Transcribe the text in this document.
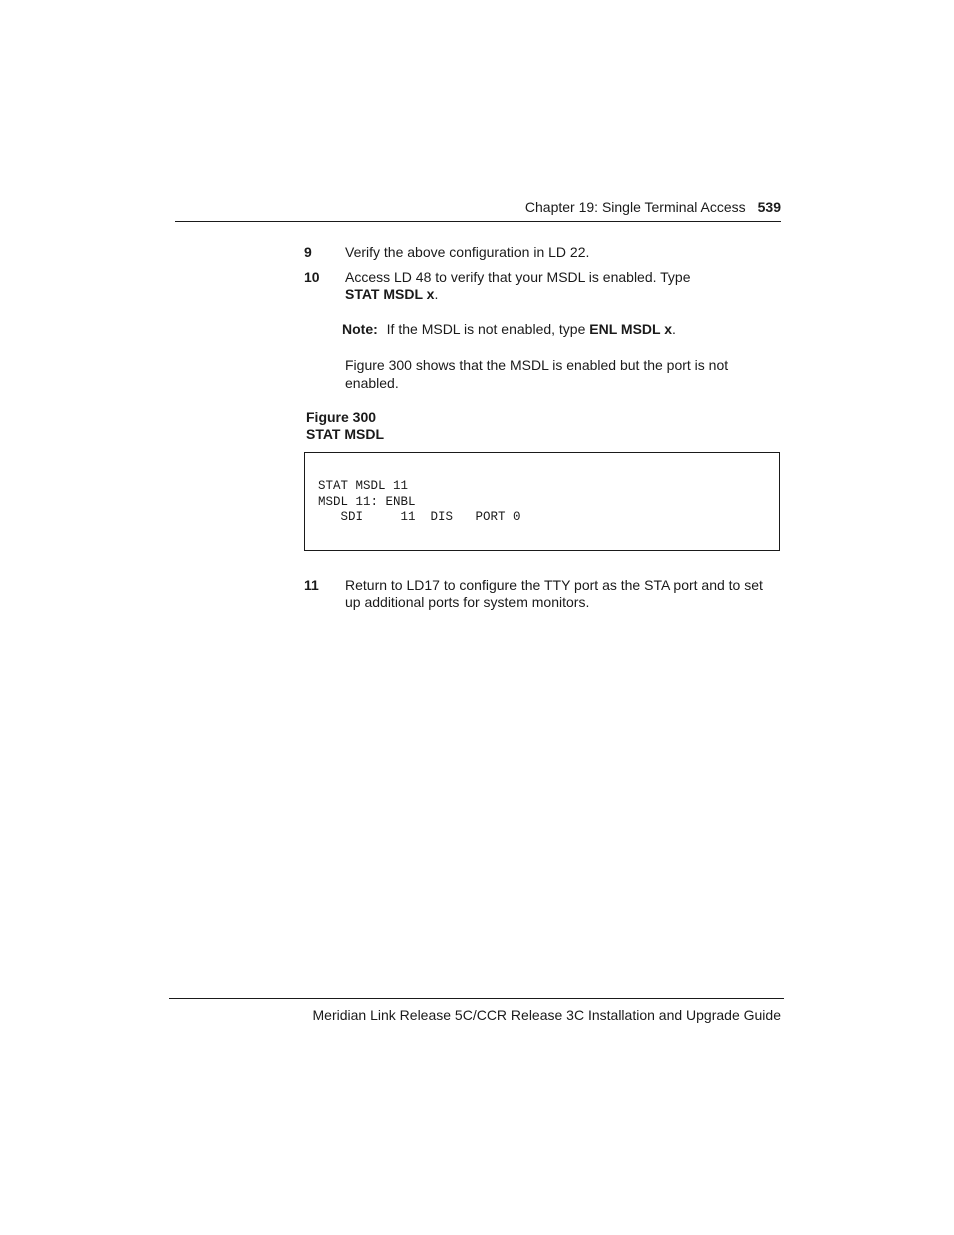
Chapter 19: Single Terminal Access 539
9 Verify the above configuration in LD 22.
10 Access LD 48 to verify that your MSDL is enabled. Type
STAT MSDL x.
Note: If the MSDL is not enabled, type ENL MSDL x.
Figure 300 shows that the MSDL is enabled but the port is not enabled.
Figure 300
STAT MSDL
STAT MSDL 11
MSDL 11: ENBL
SDI     11  DIS   PORT 0
11 Return to LD17 to configure the TTY port as the STA port and to set up additional ports for system monitors.
Meridian Link Release 5C/CCR Release 3C Installation and Upgrade Guide
